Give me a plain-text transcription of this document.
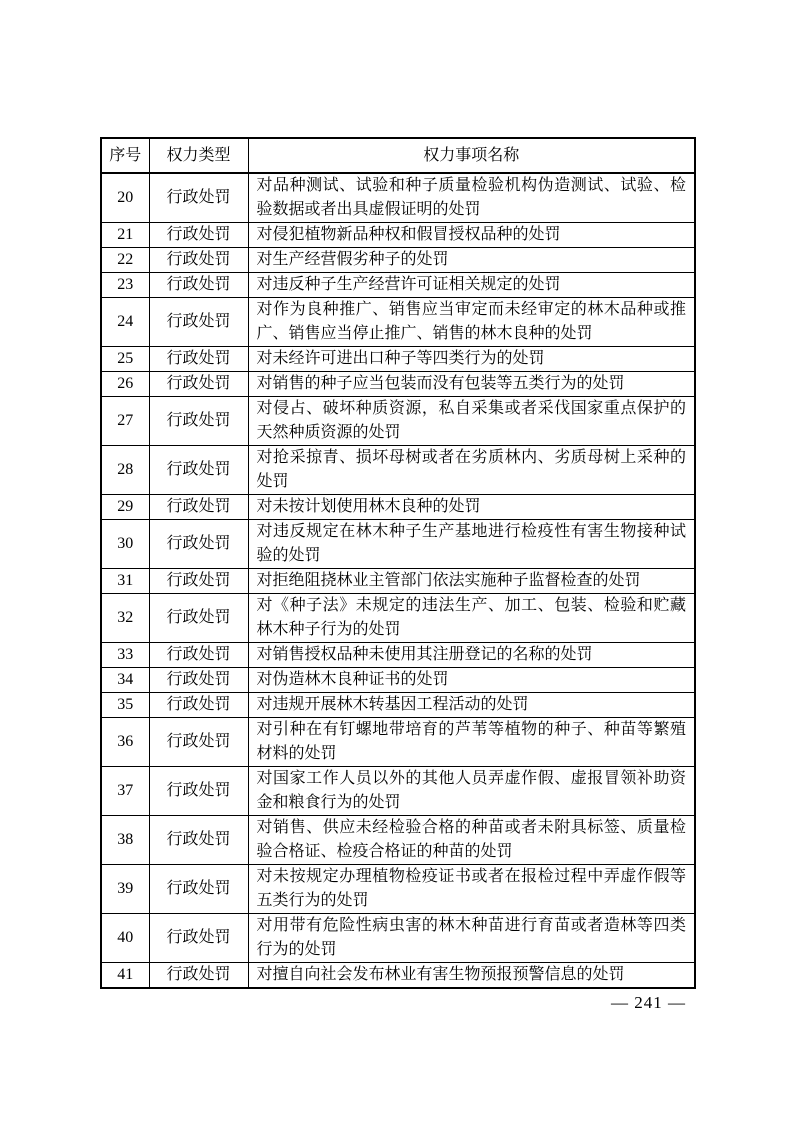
序号	权力类型	权力事项名称
20	行政处罚	对品种测试、试验和种子质量检验机构伪造测试、试验、检验数据或者出具虚假证明的处罚
21	行政处罚	对侵犯植物新品种权和假冒授权品种的处罚
22	行政处罚	对生产经营假劣种子的处罚
23	行政处罚	对违反种子生产经营许可证相关规定的处罚
24	行政处罚	对作为良种推广、销售应当审定而未经审定的林木品种或推广、销售应当停止推广、销售的林木良种的处罚
25	行政处罚	对未经许可进出口种子等四类行为的处罚
26	行政处罚	对销售的种子应当包装而没有包装等五类行为的处罚
27	行政处罚	对侵占、破坏种质资源，私自采集或者采伐国家重点保护的天然种质资源的处罚
28	行政处罚	对抢采掠青、损坏母树或者在劣质林内、劣质母树上采种的处罚
29	行政处罚	对未按计划使用林木良种的处罚
30	行政处罚	对违反规定在林木种子生产基地进行检疫性有害生物接种试验的处罚
31	行政处罚	对拒绝阻挠林业主管部门依法实施种子监督检查的处罚
32	行政处罚	对《种子法》未规定的违法生产、加工、包装、检验和贮藏林木种子行为的处罚
33	行政处罚	对销售授权品种未使用其注册登记的名称的处罚
34	行政处罚	对伪造林木良种证书的处罚
35	行政处罚	对违规开展林木转基因工程活动的处罚
36	行政处罚	对引种在有钉螺地带培育的芦苇等植物的种子、种苗等繁殖材料的处罚
37	行政处罚	对国家工作人员以外的其他人员弄虚作假、虚报冒领补助资金和粮食行为的处罚
38	行政处罚	对销售、供应未经检验合格的种苗或者未附具标签、质量检验合格证、检疫合格证的种苗的处罚
39	行政处罚	对未按规定办理植物检疫证书或者在报检过程中弄虚作假等五类行为的处罚
40	行政处罚	对用带有危险性病虫害的林木种苗进行育苗或者造林等四类行为的处罚
41	行政处罚	对擅自向社会发布林业有害生物预报预警信息的处罚
— 241 —
